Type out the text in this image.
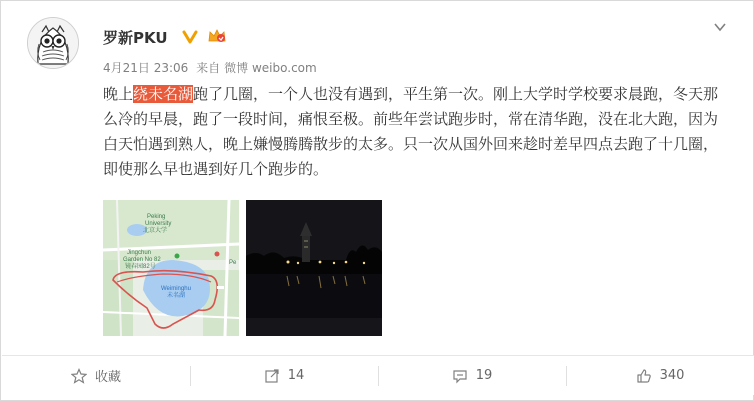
罗新PKU
4月21日 23:06 来自 微博 weibo.com
晚上绕未名湖跑了几圈，一个人也没有遇到，平生第一次。刚上大学时学校要求晨跑，冬天那么冷的早晨，跑了一段时间，痛恨至极。前些年尝试跑步时，常在清华跑，没在北大跑，因为白天怕遇到熟人，晚上嫌慢腾腾散步的太多。只一次从国外回来趁时差早四点去跑了十几圈，即使那么早也遇到好几个跑步的。
Peking
University
北京大学
Jingchun
Garden No 82
镜春园82号
Weiminghu
未名湖
Pe
收藏	14	19	340
